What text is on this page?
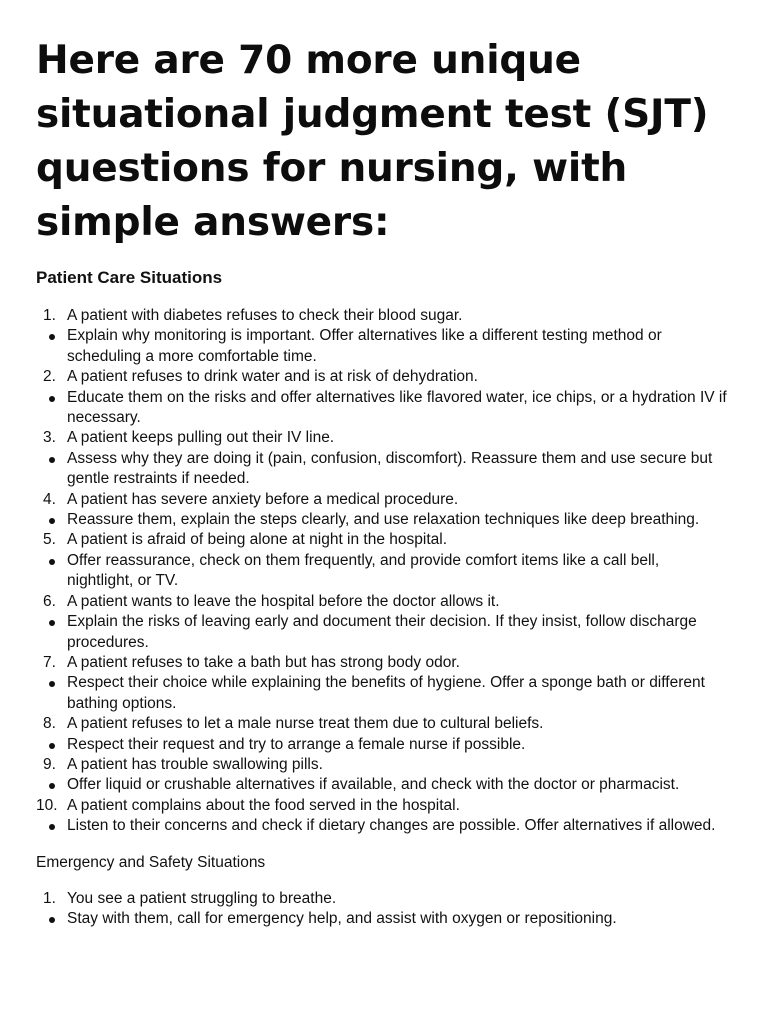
Here are 70 more unique situational judgment test (SJT) questions for nursing, with simple answers:
Patient Care Situations
1. A patient with diabetes refuses to check their blood sugar.
Explain why monitoring is important. Offer alternatives like a different testing method or scheduling a more comfortable time.
2. A patient refuses to drink water and is at risk of dehydration.
Educate them on the risks and offer alternatives like flavored water, ice chips, or a hydration IV if necessary.
3. A patient keeps pulling out their IV line.
Assess why they are doing it (pain, confusion, discomfort). Reassure them and use secure but gentle restraints if needed.
4. A patient has severe anxiety before a medical procedure.
Reassure them, explain the steps clearly, and use relaxation techniques like deep breathing.
5. A patient is afraid of being alone at night in the hospital.
Offer reassurance, check on them frequently, and provide comfort items like a call bell, nightlight, or TV.
6. A patient wants to leave the hospital before the doctor allows it.
Explain the risks of leaving early and document their decision. If they insist, follow discharge procedures.
7. A patient refuses to take a bath but has strong body odor.
Respect their choice while explaining the benefits of hygiene. Offer a sponge bath or different bathing options.
8. A patient refuses to let a male nurse treat them due to cultural beliefs.
Respect their request and try to arrange a female nurse if possible.
9. A patient has trouble swallowing pills.
Offer liquid or crushable alternatives if available, and check with the doctor or pharmacist.
10. A patient complains about the food served in the hospital.
Listen to their concerns and check if dietary changes are possible. Offer alternatives if allowed.
Emergency and Safety Situations
1. You see a patient struggling to breathe.
Stay with them, call for emergency help, and assist with oxygen or repositioning.
